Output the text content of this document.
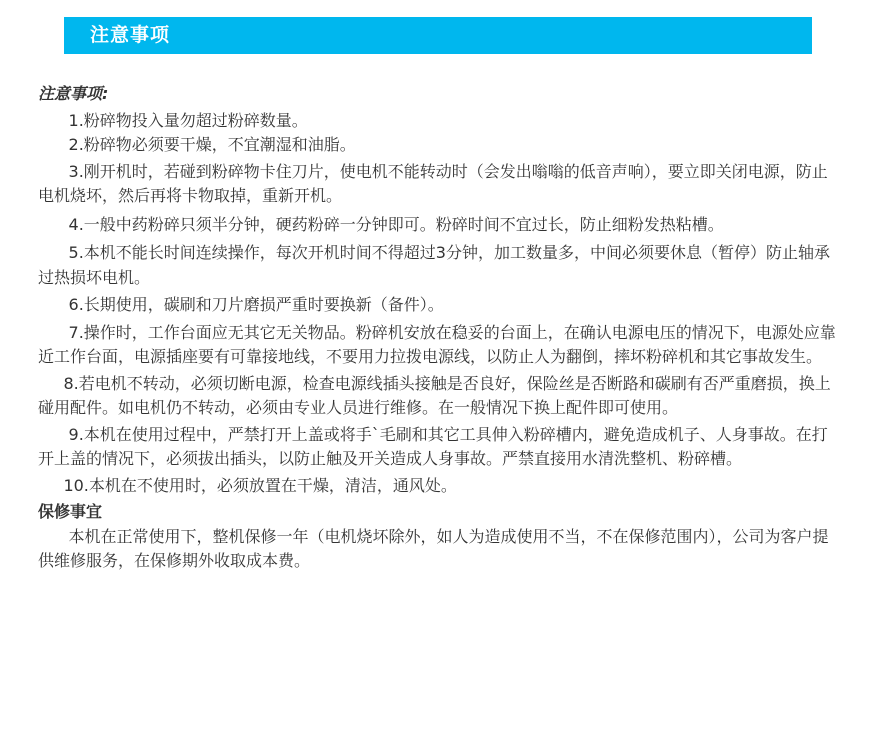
注意事项

注意事项:

1.粉碎物投入量勿超过粉碎数量。

2.粉碎物必须要干燥，不宜潮湿和油脂。

3.刚开机时，若碰到粉碎物卡住刀片，使电机不能转动时（会发出嗡嗡的低音声响），要立即关闭电源，防止电机烧坏，然后再将卡物取掉，重新开机。

4.一般中药粉碎只须半分钟，硬药粉碎一分钟即可。粉碎时间不宜过长，防止细粉发热粘槽。

5.本机不能长时间连续操作，每次开机时间不得超过3分钟，加工数量多，中间必须要休息（暂停）防止轴承过热损坏电机。

6.长期使用，碳刷和刀片磨损严重时要换新（备件）。

7.操作时，工作台面应无其它无关物品。粉碎机安放在稳妥的台面上，在确认电源电压的情况下，电源处应靠近工作台面，电源插座要有可靠接地线，不要用力拉拨电源线，以防止人为翻倒，摔坏粉碎机和其它事故发生。

8.若电机不转动，必须切断电源，检查电源线插头接触是否良好，保险丝是否断路和碳刷有否严重磨损，换上碰用配件。如电机仍不转动，必须由专业人员进行维修。在一般情况下换上配件即可使用。

9.本机在使用过程中，严禁打开上盖或将手`毛刷和其它工具伸入粉碎槽内，避免造成机子、人身事故。在打开上盖的情况下，必须拔出插头，以防止触及开关造成人身事故。严禁直接用水清洗整机、粉碎槽。

10.本机在不使用时，必须放置在干燥，清洁，通风处。

保修事宜

本机在正常使用下，整机保修一年（电机烧坏除外，如人为造成使用不当，不在保修范围内），公司为客户提供维修服务，在保修期外收取成本费。
